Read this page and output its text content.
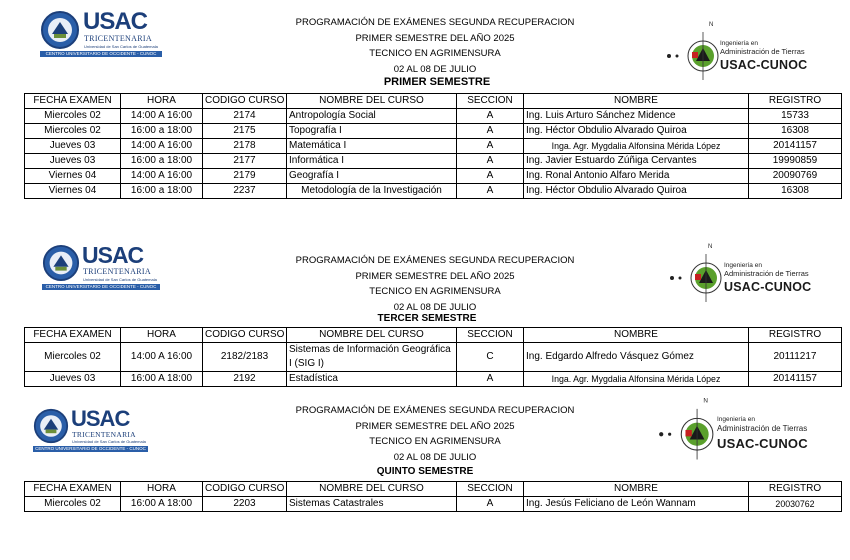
USAC
TRICENTENARIA
Universidad de San Carlos de Guatemala
CENTRO UNIVERSITARIO DE OCCIDENTE - CUNOC
PROGRAMACIÓN DE EXÁMENES SEGUNDA RECUPERACION
PRIMER SEMESTRE DEL AÑO 2025
TECNICO EN AGRIMENSURA
02 AL 08 DE JULIO
N
Ingeniería en
Administración de Tierras
USAC-CUNOC
PRIMER SEMESTRE
FECHA EXAMEN	HORA	CODIGO CURSO	NOMBRE DEL CURSO	SECCION	NOMBRE	REGISTRO
Miercoles 02	14:00 A 16:00	2174	Antropología Social	A	Ing. Luis Arturo Sánchez Midence	15733
Miercoles 02	16:00 a 18:00	2175	Topografía I	A	Ing. Héctor Obdulio Alvarado Quiroa	16308
Jueves 03	14:00 A 16:00	2178	Matemática I	A	Inga. Agr. Mygdalia Alfonsina Mérida López	20141157
Jueves 03	16:00 a 18:00	2177	Informática I	A	Ing. Javier Estuardo Zúñiga Cervantes	19990859
Viernes 04	14:00 A 16:00	2179	Geografía I	A	Ing. Ronal Antonio Alfaro Merida	20090769
Viernes 04	16:00 a 18:00	2237	Metodología de la Investigación	A	Ing. Héctor Obdulio Alvarado Quiroa	16308
USAC
TRICENTENARIA
Universidad de San Carlos de Guatemala
CENTRO UNIVERSITARIO DE OCCIDENTE - CUNOC
PROGRAMACIÓN DE EXÁMENES SEGUNDA RECUPERACION
PRIMER SEMESTRE DEL AÑO 2025
TECNICO EN AGRIMENSURA
02 AL 08 DE JULIO
N
Ingeniería en
Administración de Tierras
USAC-CUNOC
TERCER SEMESTRE
FECHA EXAMEN	HORA	CODIGO CURSO	NOMBRE DEL CURSO	SECCION	NOMBRE	REGISTRO
Miercoles 02	14:00 A 16:00	2182/2183	Sistemas de Información Geográfica I (SIG I)	C	Ing. Edgardo Alfredo Vásquez Gómez	20111217
Jueves 03	16:00 A 18:00	2192	Estadística	A	Inga. Agr. Mygdalia Alfonsina Mérida López	20141157
USAC
TRICENTENARIA
Universidad de San Carlos de Guatemala
CENTRO UNIVERSITARIO DE OCCIDENTE - CUNOC
PROGRAMACIÓN DE EXÁMENES SEGUNDA RECUPERACION
PRIMER SEMESTRE DEL AÑO 2025
TECNICO EN AGRIMENSURA
02 AL 08 DE JULIO
N
Ingeniería en
Administración de Tierras
USAC-CUNOC
QUINTO SEMESTRE
FECHA EXAMEN	HORA	CODIGO CURSO	NOMBRE DEL CURSO	SECCION	NOMBRE	REGISTRO
Miercoles 02	16:00 A 18:00	2203	Sistemas Catastrales	A	Ing. Jesús Feliciano de León Wannam	20030762
